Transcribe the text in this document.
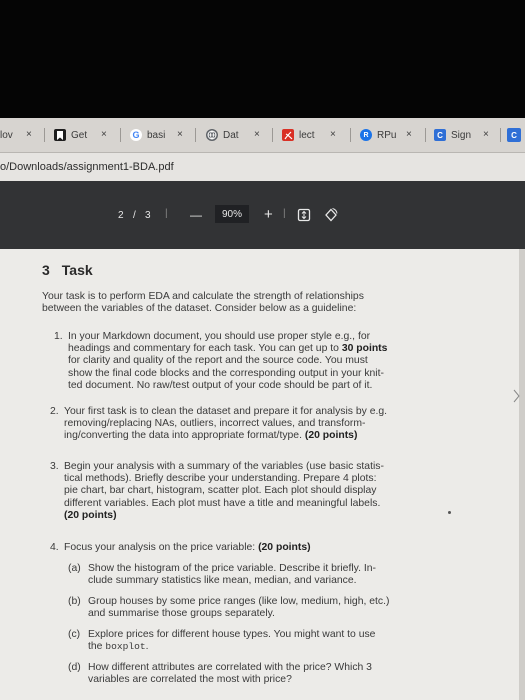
lov ×	Get ×	G basi ×	Dat ×	lect ×	R RPu ×	C Sign ×	C
o/Downloads/assignment1-BDA.pdf
2 / 3 | — 90% + |
3 Task
Your task is to perform EDA and calculate the strength of relationships
between the variables of the dataset. Consider below as a guideline:
1. In your Markdown document, you should use proper style e.g., for
headings and commentary for each task. You can get up to 30 points
for clarity and quality of the report and the source code. You must
show the final code blocks and the corresponding output in your knit-
ted document. No raw/test output of your code should be part of it.
2. Your first task is to clean the dataset and prepare it for analysis by e.g.
removing/replacing NAs, outliers, incorrect values, and transform-
ing/converting the data into appropriate format/type. (20 points)
3. Begin your analysis with a summary of the variables (use basic statis-
tical methods). Briefly describe your understanding. Prepare 4 plots:
pie chart, bar chart, histogram, scatter plot. Each plot should display
different variables. Each plot must have a title and meaningful labels.
(20 points)
4. Focus your analysis on the price variable: (20 points)
(a) Show the histogram of the price variable. Describe it briefly. In-
clude summary statistics like mean, median, and variance.
(b) Group houses by some price ranges (like low, medium, high, etc.)
and summarise those groups separately.
(c) Explore prices for different house types. You might want to use
the boxplot.
(d) How different attributes are correlated with the price? Which 3
variables are correlated the most with price?
